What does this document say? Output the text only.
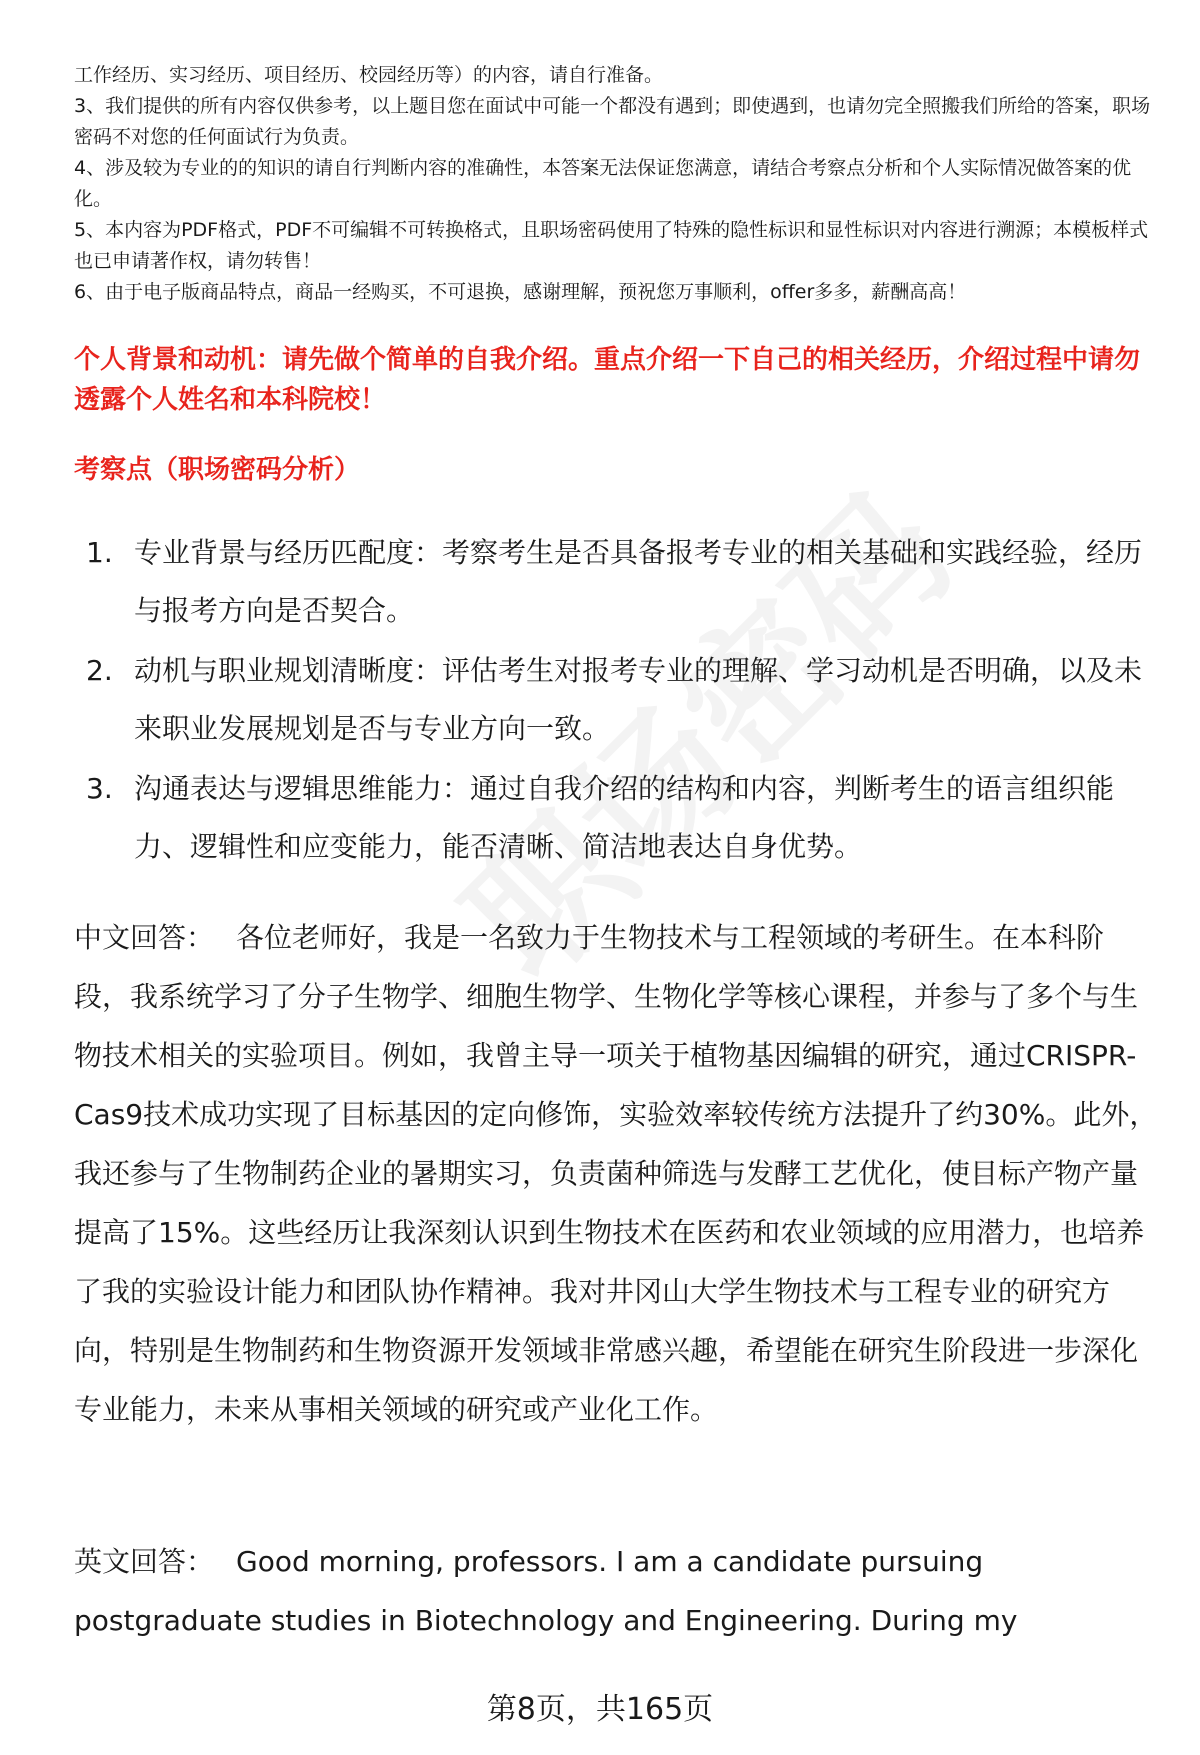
工作经历、实习经历、项目经历、校园经历等）的内容，请自行准备。

3、我们提供的所有内容仅供参考，以上题目您在面试中可能一个都没有遇到；即使遇到，也请勿完全照搬我们所给的答案，职场密码不对您的任何面试行为负责。

4、涉及较为专业的的知识的请自行判断内容的准确性，本答案无法保证您满意，请结合考察点分析和个人实际情况做答案的优化。

5、本内容为PDF格式，PDF不可编辑不可转换格式，且职场密码使用了特殊的隐性标识和显性标识对内容进行溯源；本模板样式也已申请著作权，请勿转售！

6、由于电子版商品特点，商品一经购买，不可退换，感谢理解，预祝您万事顺利，offer多多，薪酬高高！

个人背景和动机：请先做个简单的自我介绍。重点介绍一下自己的相关经历，介绍过程中请勿透露个人姓名和本科院校！
考察点（职场密码分析）
1. 专业背景与经历匹配度：考察考生是否具备报考专业的相关基础和实践经验，经历与报考方向是否契合。
2. 动机与职业规划清晰度：评估考生对报考专业的理解、学习动机是否明确，以及未来职业发展规划是否与专业方向一致。
3. 沟通表达与逻辑思维能力：通过自我介绍的结构和内容，判断考生的语言组织能力、逻辑性和应变能力，能否清晰、简洁地表达自身优势。
中文回答： 各位老师好，我是一名致力于生物技术与工程领域的考研生。在本科阶段，我系统学习了分子生物学、细胞生物学、生物化学等核心课程，并参与了多个与生物技术相关的实验项目。例如，我曾主导一项关于植物基因编辑的研究，通过CRISPR-Cas9技术成功实现了目标基因的定向修饰，实验效率较传统方法提升了约30%。此外，我还参与了生物制药企业的暑期实习，负责菌种筛选与发酵工艺优化，使目标产物产量提高了15%。这些经历让我深刻认识到生物技术在医药和农业领域的应用潜力，也培养了我的实验设计能力和团队协作精神。我对井冈山大学生物技术与工程专业的研究方向，特别是生物制药和生物资源开发领域非常感兴趣，希望能在研究生阶段进一步深化专业能力，未来从事相关领域的研究或产业化工作。
英文回答： Good morning, professors. I am a candidate pursuing postgraduate studies in Biotechnology and Engineering. During my
第8页，共165页
